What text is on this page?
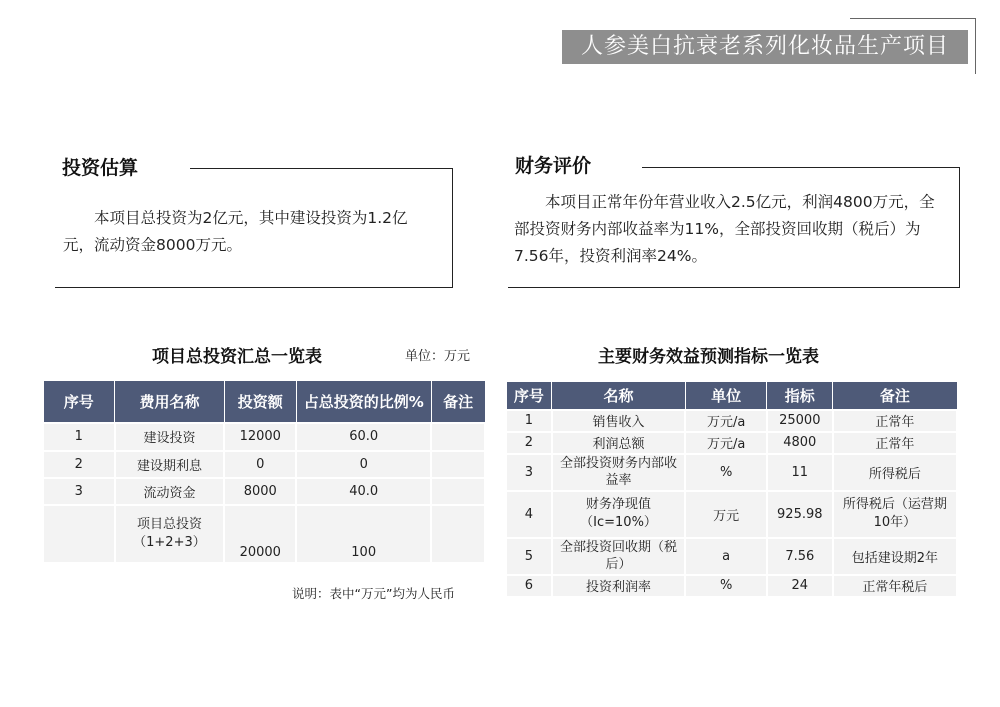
人参美白抗衰老系列化妆品生产项目
投资估算
本项目总投资为2亿元，其中建设投资为1.2亿元，流动资金8000万元。
财务评价
本项目正常年份年营业收入2.5亿元，利润4800万元，全部投资财务内部收益率为11%，全部投资回收期（税后）为7.56年，投资利润率24%。
项目总投资汇总一览表	单位：万元
序号	费用名称	投资额	占总投资的比例%	备注
1	建设投资	12000	60.0	
2	建设期利息	0	0	
3	流动资金	8000	40.0	
	项目总投资（1+2+3）	20000	100	
说明：表中“万元”均为人民币
主要财务效益预测指标一览表
序号	名称	单位	指标	备注
1	销售收入	万元/a	25000	正常年
2	利润总额	万元/a	4800	正常年
3	全部投资财务内部收益率	%	11	所得税后
4	财务净现值（Ic=10%）	万元	925.98	所得税后（运营期10年）
5	全部投资回收期（税后）	a	7.56	包括建设期2年
6	投资利润率	%	24	正常年税后
